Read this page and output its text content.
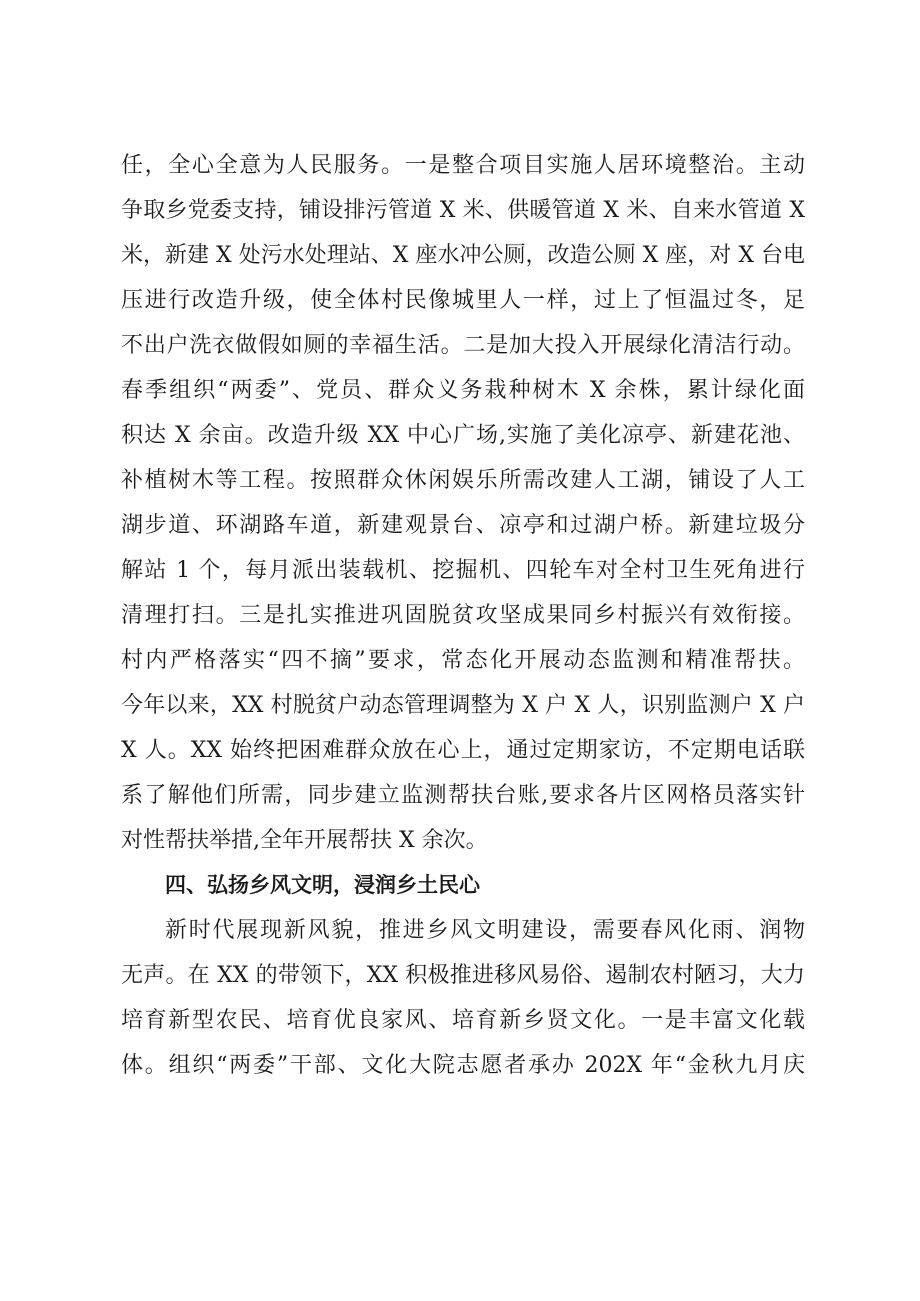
任，全心全意为人民服务。一是整合项目实施人居环境整治。主动
争取乡党委支持，铺设排污管道 X 米、供暖管道 X 米、自来水管道 X
米，新建 X 处污水处理站、X 座水冲公厕，改造公厕 X 座，对 X 台电
压进行改造升级，使全体村民像城里人一样，过上了恒温过冬，足
不出户洗衣做假如厕的幸福生活。二是加大投入开展绿化清洁行动。
春季组织“两委”、党员、群众义务栽种树木 X 余株，累计绿化面
积达 X 余亩。改造升级 XX 中心广场,实施了美化凉亭、新建花池、
补植树木等工程。按照群众休闲娱乐所需改建人工湖，铺设了人工
湖步道、环湖路车道，新建观景台、凉亭和过湖户桥。新建垃圾分
解站 1 个，每月派出装载机、挖掘机、四轮车对全村卫生死角进行
清理打扫。三是扎实推进巩固脱贫攻坚成果同乡村振兴有效衔接。
村内严格落实“四不摘”要求，常态化开展动态监测和精准帮扶。
今年以来，XX 村脱贫户动态管理调整为 X 户 X 人，识别监测户 X 户
X 人。XX 始终把困难群众放在心上，通过定期家访，不定期电话联
系了解他们所需，同步建立监测帮扶台账,要求各片区网格员落实针
对性帮扶举措,全年开展帮扶 X 余次。
四、弘扬乡风文明，浸润乡土民心
新时代展现新风貌，推进乡风文明建设，需要春风化雨、润物
无声。在 XX 的带领下，XX 积极推进移风易俗、遏制农村陋习，大力
培育新型农民、培育优良家风、培育新乡贤文化。一是丰富文化载
体。组织“两委”干部、文化大院志愿者承办 202X 年“金秋九月庆
